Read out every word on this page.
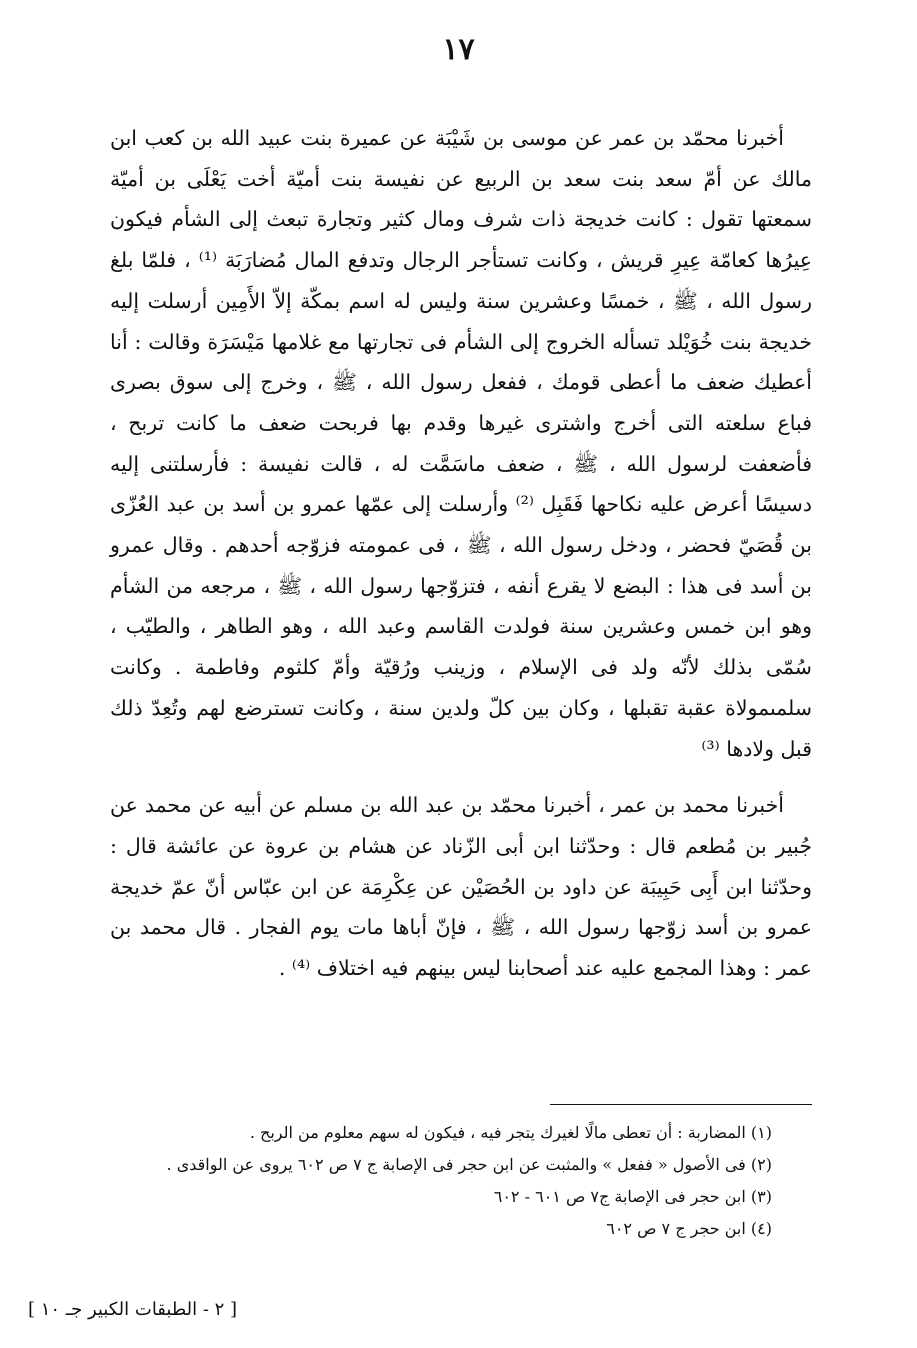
١٧

أخبرنا محمّد بن عمر عن موسى بن شَيْبَة عن عميرة بنت عبيد الله بن كعب ابن مالك عن أمّ سعد بنت سعد بن الربيع عن نفيسة بنت أميّة أخت يَعْلَى بن أميّة سمعتها تقول : كانت خديجة ذات شرف ومال كثير وتجارة تبعث إلى الشأم فيكون عِيرُها كعامّة عِيرِ قريش ، وكانت تستأجر الرجال وتدفع المال مُضارَبَة ⁽¹⁾ ، فلمّا بلغ رسول الله ، ﷺ ، خمسًا وعشرين سنة وليس له اسم بمكّة إلاّ الأَمِين أرسلت إليه خديجة بنت خُوَيْلد تسأله الخروج إلى الشأم فى تجارتها مع غلامها مَيْسَرَة وقالت : أنا أعطيك ضعف ما أعطى قومك ، ففعل رسول الله ، ﷺ ، وخرج إلى سوق بصرى فباع سلعته التى أخرج واشترى غيرها وقدم بها فربحت ضعف ما كانت تربح ، فأضعفت لرسول الله ، ﷺ ، ضعف ماسَمَّت له ، قالت نفيسة : فأرسلتنى إليه دسيسًا أعرض عليه نكاحها فَقَبِل ⁽²⁾ وأرسلت إلى عمّها عمرو بن أسد بن عبد العُزّى بن قُصَيّ فحضر ، ودخل رسول الله ، ﷺ ، فى عمومته فزوّجه أحدهم . وقال عمرو بن أسد فى هذا : البضع لا يقرع أنفه ، فتزوّجها رسول الله ، ﷺ ، مرجعه من الشأم وهو ابن خمس وعشرين سنة فولدت القاسم وعبد الله ، وهو الطاهر ، والطيّب ، سُمّى بذلك لأنّه ولد فى الإسلام ، وزينب ورُقيّة وأمّ كلثوم وفاطمة . وكانت سلمىمولاة عقبة تقبلها ، وكان بين كلّ ولدين سنة ، وكانت تسترضع لهم وتُعِدّ ذلك قبل ولادها ⁽³⁾

أخبرنا محمد بن عمر ، أخبرنا محمّد بن عبد الله بن مسلم عن أبيه عن محمد عن جُبير بن مُطعم قال : وحدّثنا ابن أبى الزّناد عن هشام بن عروة عن عائشة قال : وحدّثنا ابن أَبِى حَبِيبَة عن داود بن الحُصَيْن عن عِكْرِمَة عن ابن عبّاس أنّ عمّ خديجة عمرو بن أسد زوّجها رسول الله ، ﷺ ، فإنّ أباها مات يوم الفجار . قال محمد بن عمر : وهذا المجمع عليه عند أصحابنا ليس بينهم فيه اختلاف ⁽⁴⁾ .

(١) المضاربة : أن تعطى مالًا لغيرك يتجر فيه ، فيكون له سهم معلوم من الربح .

(٢) فى الأصول « ففعل » والمثبت عن ابن حجر فى الإصابة ج ٧ ص ٦٠٢ يروى عن الواقدى .

(٣) ابن حجر فى الإصابة ج٧ ص ٦٠١ - ٦٠٢

(٤) ابن حجر ج ٧ ص ٦٠٢

[ ٢ - الطبقات الكبير جـ ١٠ ]
